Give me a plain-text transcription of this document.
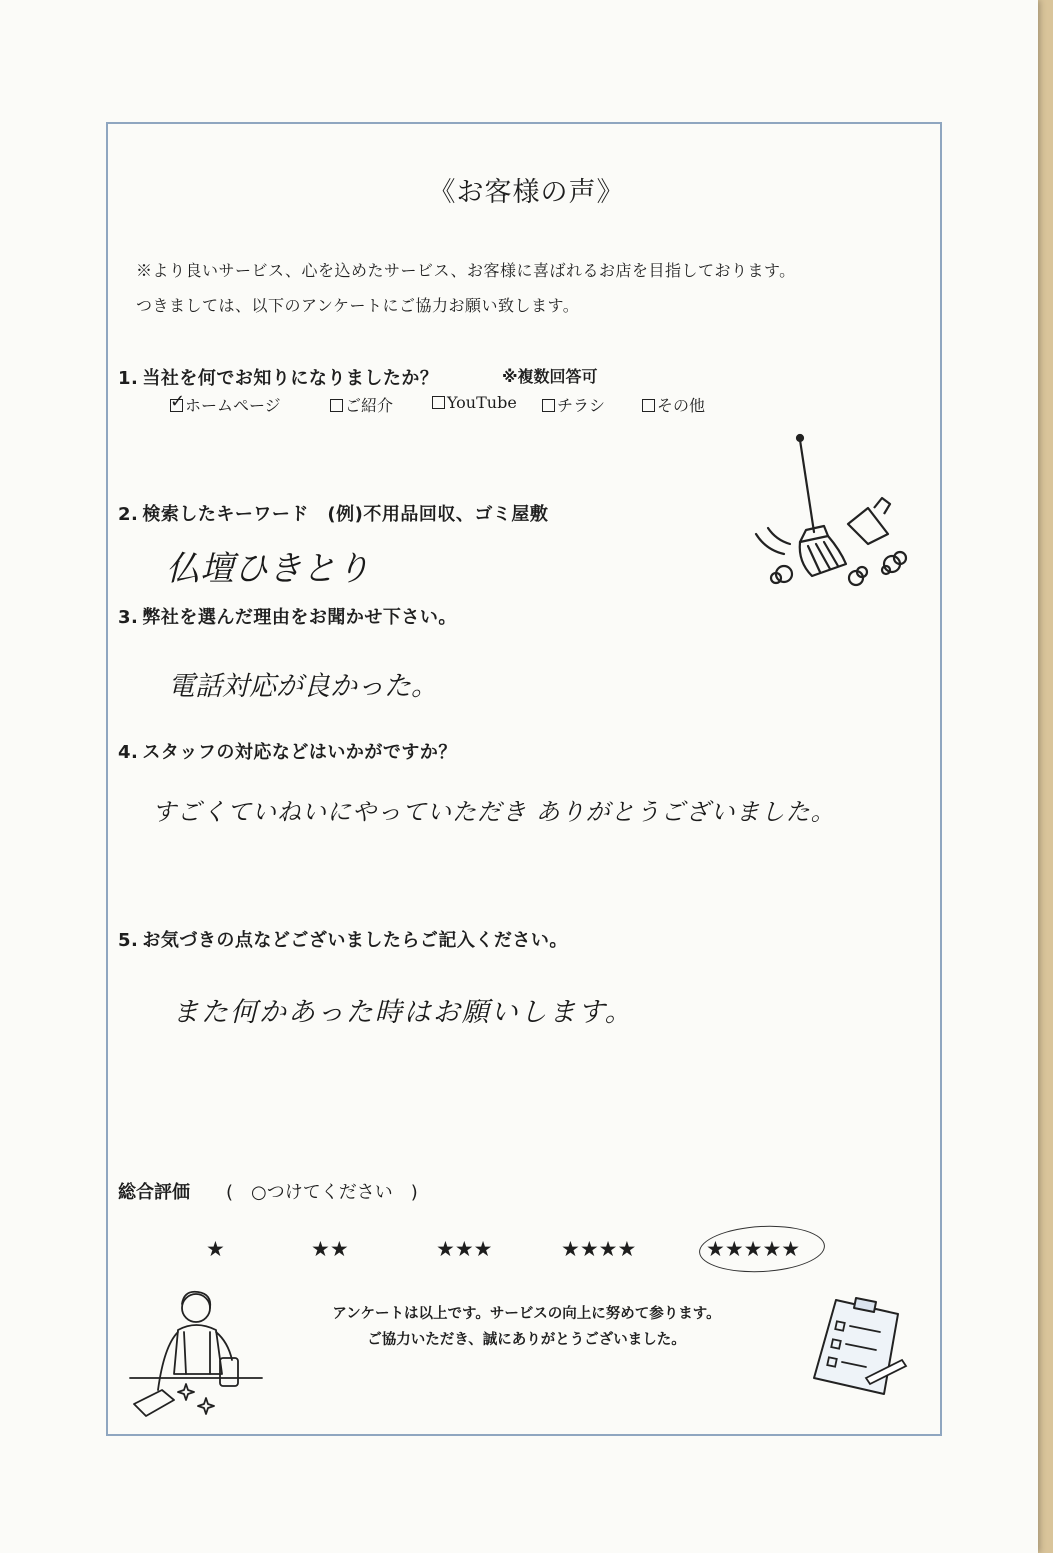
《お客様の声》
※より良いサービス、心を込めたサービス、お客様に喜ばれるお店を目指しております。
つきましては、以下のアンケートにご協力お願い致します。
1. 当社を何でお知りになりましたか？	※複数回答可
✓ ホームページ	ご紹介	YouTube	チラシ	その他
2. 検索したキーワード　(例)不用品回収、ゴミ屋敷
仏壇ひきとり
3. 弊社を選んだ理由をお聞かせ下さい。
電話対応が良かった。
4. スタッフの対応などはいかがですか？
すごくていねいにやっていただき ありがとうございました。
5. お気づきの点などございましたらご記入ください。
また何かあった時はお願いします。
総合評価 (　○つけてください　)
★	★★	★★★	★★★★	★★★★★
アンケートは以上です。サービスの向上に努めて参ります。
ご協力いただき、誠にありがとうございました。
